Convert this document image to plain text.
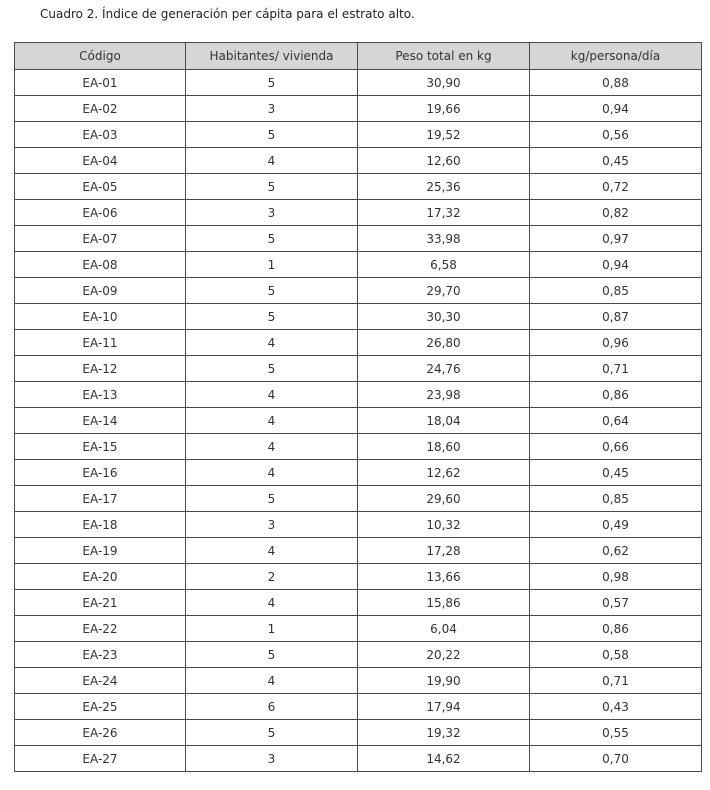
Cuadro 2. Índice de generación per cápita para el estrato alto.
Código	Habitantes/ vivienda	Peso total en kg	kg/persona/día
EA-01	5	30,90	0,88
EA-02	3	19,66	0,94
EA-03	5	19,52	0,56
EA-04	4	12,60	0,45
EA-05	5	25,36	0,72
EA-06	3	17,32	0,82
EA-07	5	33,98	0,97
EA-08	1	6,58	0,94
EA-09	5	29,70	0,85
EA-10	5	30,30	0,87
EA-11	4	26,80	0,96
EA-12	5	24,76	0,71
EA-13	4	23,98	0,86
EA-14	4	18,04	0,64
EA-15	4	18,60	0,66
EA-16	4	12,62	0,45
EA-17	5	29,60	0,85
EA-18	3	10,32	0,49
EA-19	4	17,28	0,62
EA-20	2	13,66	0,98
EA-21	4	15,86	0,57
EA-22	1	6,04	0,86
EA-23	5	20,22	0,58
EA-24	4	19,90	0,71
EA-25	6	17,94	0,43
EA-26	5	19,32	0,55
EA-27	3	14,62	0,70
